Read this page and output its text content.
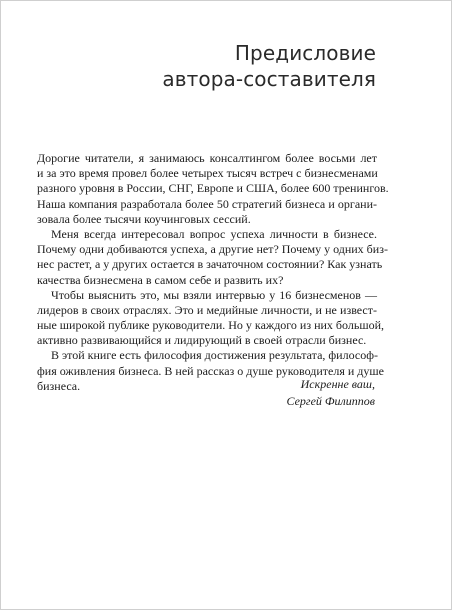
Предисловие
автора-составителя
Дорогие читатели, я занимаюсь консалтингом более восьми лет
и за это время провел более четырех тысяч встреч с бизнесменами
разного уровня в России, СНГ, Европе и США, более 600 тренингов.
Наша компания разработала более 50 стратегий бизнеса и органи-
зовала более тысячи коучинговых сессий.
Меня всегда интересовал вопрос успеха личности в бизнесе.
Почему одни добиваются успеха, а другие нет? Почему у одних биз-
нес растет, а у других остается в зачаточном состоянии? Как узнать
качества бизнесмена в самом себе и развить их?
Чтобы выяснить это, мы взяли интервью у 16 бизнесменов —
лидеров в своих отраслях. Это и медийные личности, и не извест-
ные широкой публике руководители. Но у каждого из них большой,
активно развивающийся и лидирующий в своей отрасли бизнес.
В этой книге есть философия достижения результата, философ-
фия оживления бизнеса. В ней рассказ о душе руководителя и душе
бизнеса.	Искренне ваш,
Сергей Филиппов
